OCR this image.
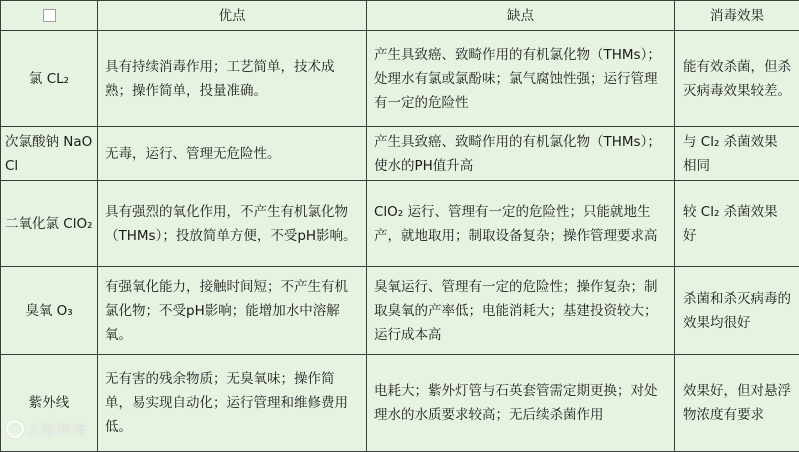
	优点	缺点	消毒效果
氯 CL₂	具有持续消毒作用；工艺简单，技术成熟；操作简单，投量准确。	产生具致癌、致畸作用的有机氯化物（THMs）；处理水有氯或氯酚味；氯气腐蚀性强；运行管理有一定的危险性	能有效杀菌，但杀灭病毒效果较差。
次氯酸钠 NaOCl	无毒，运行、管理无危险性。	产生具致癌、致畸作用的有机氯化物（THMs）；使水的PH值升高	与 Cl₂ 杀菌效果相同
二氧化氯 ClO₂	具有强烈的氧化作用，不产生有机氯化物（THMs）；投放简单方便，不受pH影响。	ClO₂ 运行、管理有一定的危险性；只能就地生产，就地取用；制取设备复杂；操作管理要求高	较 Cl₂ 杀菌效果好
臭氧 O₃	有强氧化能力，接触时间短；不产生有机氯化物；不受pH影响；能增加水中溶解氧。	臭氧运行、管理有一定的危险性；操作复杂；制取臭氧的产率低；电能消耗大；基建投资较大；运行成本高	杀菌和杀灭病毒的效果均很好
紫外线	无有害的残余物质；无臭氧味；操作简单，易实现自动化；运行管理和维修费用低。	电耗大；紫外灯管与石英套管需定期更换；对处理水的水质要求较高；无后续杀菌作用	效果好，但对悬浮物浓度有要求
大数跨境
